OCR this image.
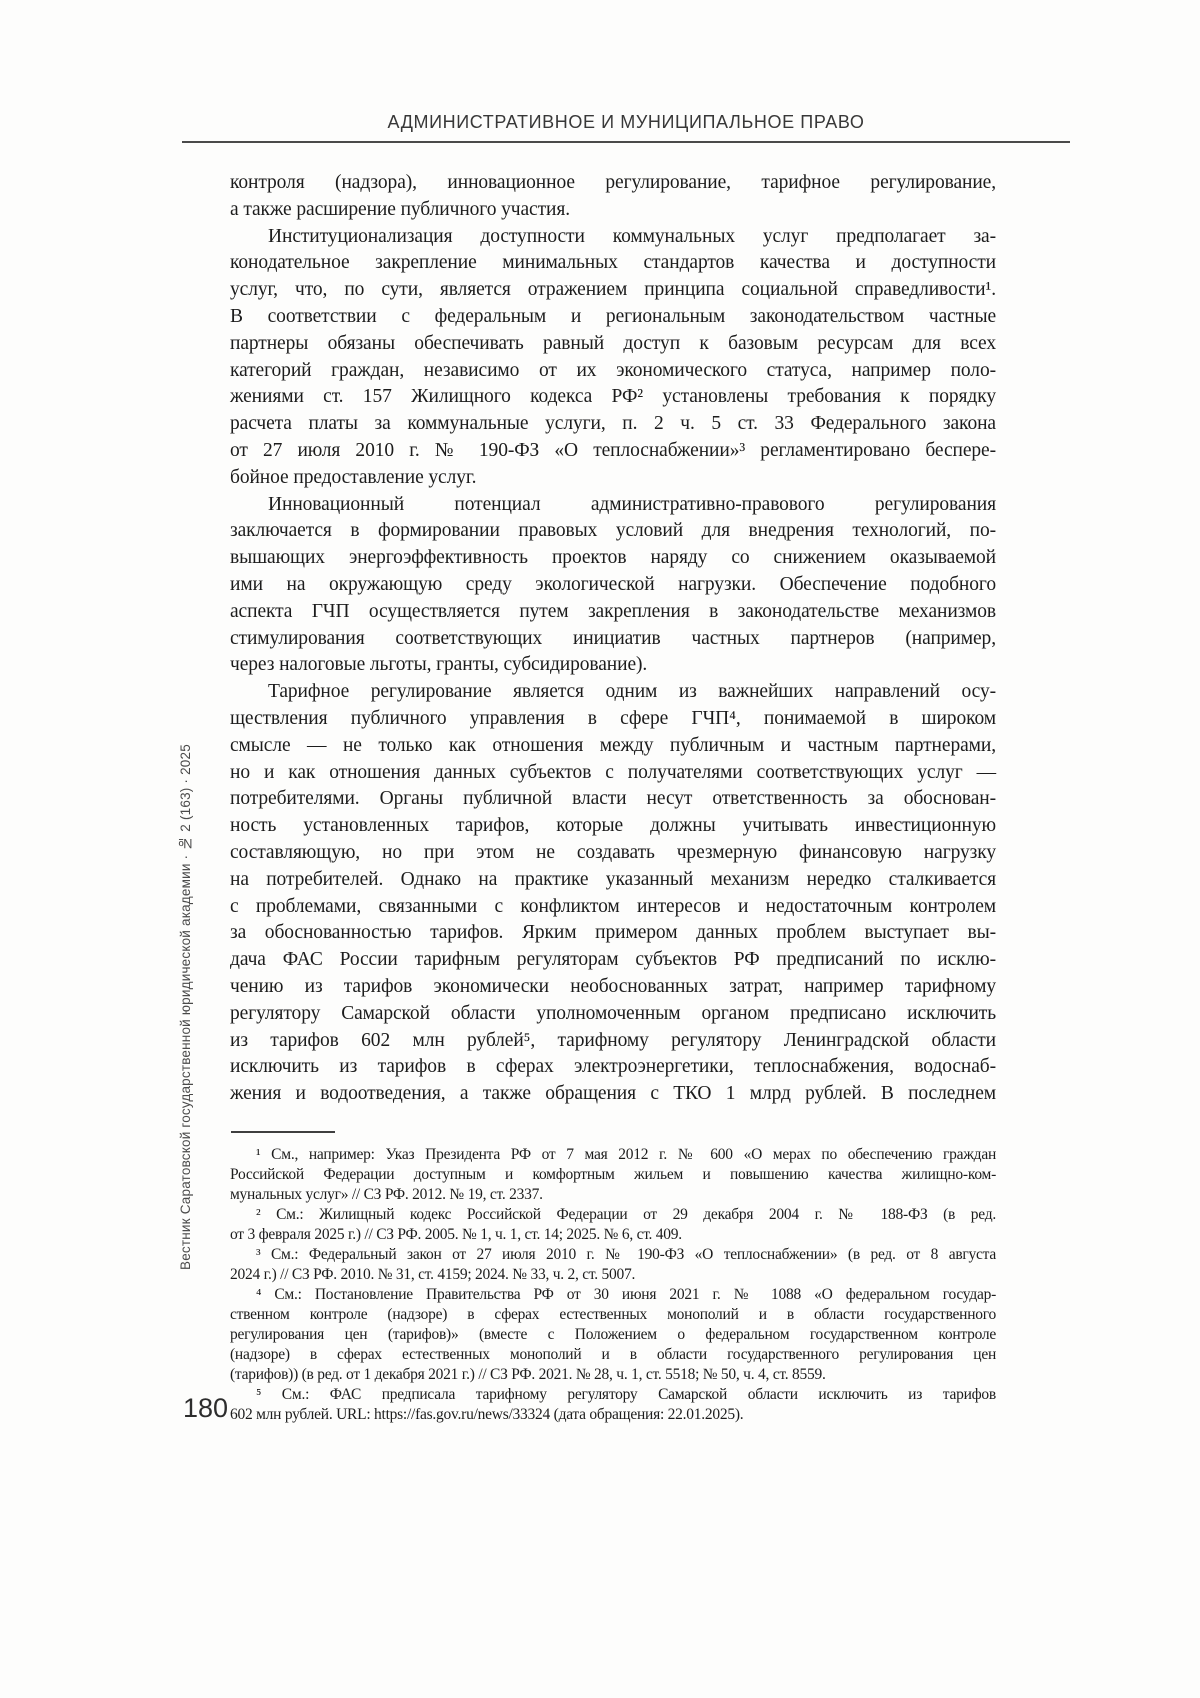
АДМИНИСТРАТИВНОЕ И МУНИЦИПАЛЬНОЕ ПРАВО
контроля (надзора), инновационное регулирование, тарифное регулирование,
а также расширение публичного участия.
Институционализация доступности коммунальных услуг предполагает за-
конодательное закрепление минимальных стандартов качества и доступности
услуг, что, по сути, является отражением принципа социальной справедливости¹.
В соответствии с федеральным и региональным законодательством частные
партнеры обязаны обеспечивать равный доступ к базовым ресурсам для всех
категорий граждан, независимо от их экономического статуса, например поло-
жениями ст. 157 Жилищного кодекса РФ² установлены требования к порядку
расчета платы за коммунальные услуги, п. 2 ч. 5 ст. 33 Федерального закона
от 27 июля 2010 г. № 190-ФЗ «О теплоснабжении»³ регламентировано беспере-
бойное предоставление услуг.
Инновационный потенциал административно-правового регулирования
заключается в формировании правовых условий для внедрения технологий, по-
вышающих энергоэффективность проектов наряду со снижением оказываемой
ими на окружающую среду экологической нагрузки. Обеспечение подобного
аспекта ГЧП осуществляется путем закрепления в законодательстве механизмов
стимулирования соответствующих инициатив частных партнеров (например,
через налоговые льготы, гранты, субсидирование).
Тарифное регулирование является одним из важнейших направлений осу-
ществления публичного управления в сфере ГЧП⁴, понимаемой в широком
смысле — не только как отношения между публичным и частным партнерами,
но и как отношения данных субъектов с получателями соответствующих услуг —
потребителями. Органы публичной власти несут ответственность за обоснован-
ность установленных тарифов, которые должны учитывать инвестиционную
составляющую, но при этом не создавать чрезмерную финансовую нагрузку
на потребителей. Однако на практике указанный механизм нередко сталкивается
с проблемами, связанными с конфликтом интересов и недостаточным контролем
за обоснованностью тарифов. Ярким примером данных проблем выступает вы-
дача ФАС России тарифным регуляторам субъектов РФ предписаний по исклю-
чению из тарифов экономически необоснованных затрат, например тарифному
регулятору Самарской области уполномоченным органом предписано исключить
из тарифов 602 млн рублей⁵, тарифному регулятору Ленинградской области
исключить из тарифов в сферах электроэнергетики, теплоснабжения, водоснаб-
жения и водоотведения, а также обращения с ТКО 1 млрд рублей. В последнем
¹ См., например: Указ Президента РФ от 7 мая 2012 г. № 600 «О мерах по обеспечению граждан
Российской Федерации доступным и комфортным жильем и повышению качества жилищно-ком-
мунальных услуг» // СЗ РФ. 2012. № 19, ст. 2337.
² См.: Жилищный кодекс Российской Федерации от 29 декабря 2004 г. № 188-ФЗ (в ред.
от 3 февраля 2025 г.) // СЗ РФ. 2005. № 1, ч. 1, ст. 14; 2025. № 6, ст. 409.
³ См.: Федеральный закон от 27 июля 2010 г. № 190-ФЗ «О теплоснабжении» (в ред. от 8 августа
2024 г.) // СЗ РФ. 2010. № 31, ст. 4159; 2024. № 33, ч. 2, ст. 5007.
⁴ См.: Постановление Правительства РФ от 30 июня 2021 г. № 1088 «О федеральном государ-
ственном контроле (надзоре) в сферах естественных монополий и в области государственного
регулирования цен (тарифов)» (вместе с Положением о федеральном государственном контроле
(надзоре) в сферах естественных монополий и в области государственного регулирования цен
(тарифов)) (в ред. от 1 декабря 2021 г.) // СЗ РФ. 2021. № 28, ч. 1, ст. 5518; № 50, ч. 4, ст. 8559.
⁵ См.: ФАС предписала тарифному регулятору Самарской области исключить из тарифов
602 млн рублей. URL: https://fas.gov.ru/news/33324 (дата обращения: 22.01.2025).
Вестник Саратовской государственной юридической академии · № 2 (163) · 2025
180
